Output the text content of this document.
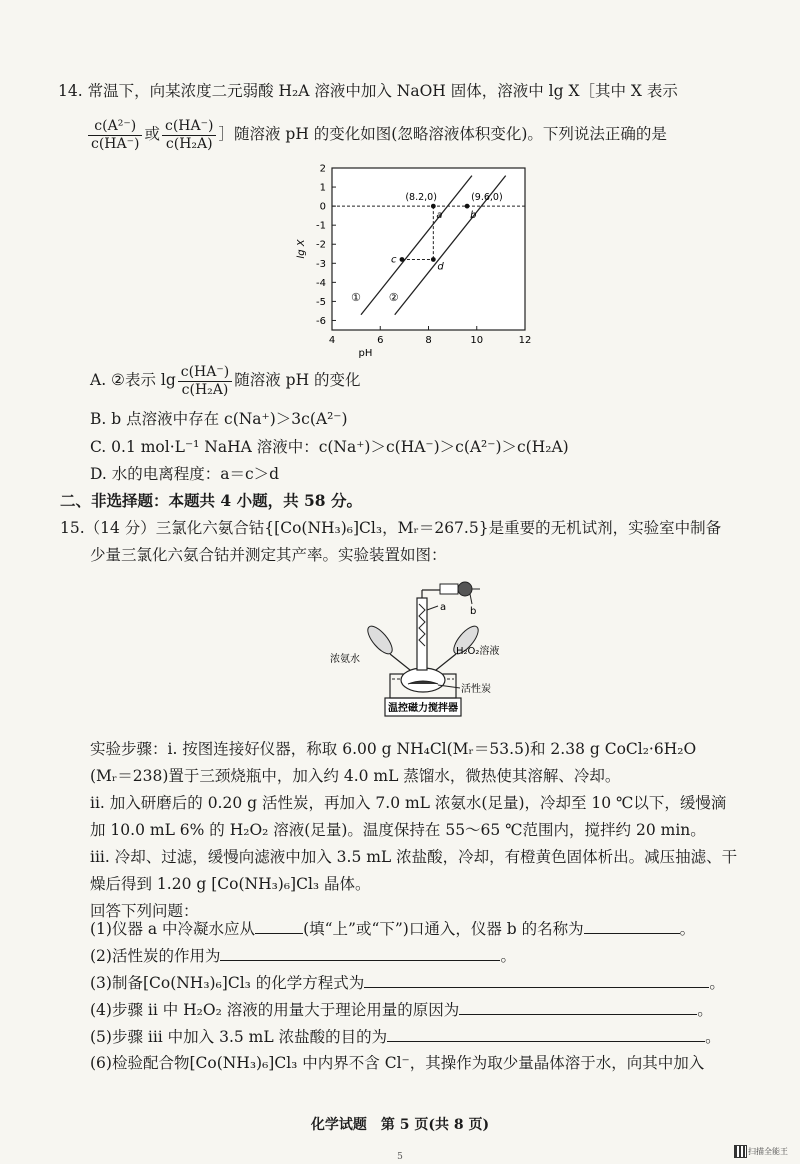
14. 常温下，向某浓度二元弱酸 H₂A 溶液中加入 NaOH 固体，溶液中 lg X［其中 X 表示
$\frac{\text{c(A²⁻)}}{c(HA^-)}$ 或 $\frac{c(HA^-)}{\text{c(H₂A)}}$ ］随溶液 pH 的变化如图(忽略溶液体积变化)。下列说法正确的是
4	6	8	10	12
2
1
0
-1
-2
-3
-4
-5
-6
pH
lg X
①	②
a	b
c
d
(8.2,0)	(9.6,0)
A. ②表示 $\lg \frac{c(HA^-)}{\text{c(H₂A)}}$ 随溶液 pH 的变化
B. b 点溶液中存在 c(Na⁺)＞3c(A²⁻)
C. 0.1 mol·L⁻¹ NaHA 溶液中：c(Na⁺)＞c(HA⁻)＞c(A²⁻)＞c(H₂A)
D. 水的电离程度：a＝c＞d
二、非选择题：本题共 4 小题，共 58 分。
15.（14 分）三氯化六氨合钴{[Co(NH₃)₆]Cl₃，Mᵣ＝267.5}是重要的无机试剂，实验室中制备
少量三氯化六氨合钴并测定其产率。实验装置如图：
温控磁力搅拌器
a b
浓氨水
H₂O₂溶液
活性炭
实验步骤：i. 按图连接好仪器，称取 6.00 g NH₄Cl(Mᵣ＝53.5)和 2.38 g CoCl₂·6H₂O
(Mᵣ＝238)置于三颈烧瓶中，加入约 4.0 mL 蒸馏水，微热使其溶解、冷却。
ii. 加入研磨后的 0.20 g 活性炭，再加入 7.0 mL 浓氨水(足量)，冷却至 10 ℃以下，缓慢滴
加 10.0 mL 6% 的 H₂O₂ 溶液(足量)。温度保持在 55～65 ℃范围内，搅拌约 20 min。
iii. 冷却、过滤，缓慢向滤液中加入 3.5 mL 浓盐酸，冷却，有橙黄色固体析出。减压抽滤、干
燥后得到 1.20 g [Co(NH₃)₆]Cl₃ 晶体。
回答下列问题：
(1)仪器 a 中冷凝水应从	(填“上”或“下”)口通入，仪器 b 的名称为	。
(2)活性炭的作用为	。
(3)制备[Co(NH₃)₆]Cl₃ 的化学方程式为	。
(4)步骤 ii 中 H₂O₂ 溶液的用量大于理论用量的原因为	。
(5)步骤 iii 中加入 3.5 mL 浓盐酸的目的为	。
(6)检验配合物[Co(NH₃)₆]Cl₃ 中内界不含 Cl⁻，其操作为取少量晶体溶于水，向其中加入
化学试题　第 5 页(共 8 页)
5
扫描全能王
